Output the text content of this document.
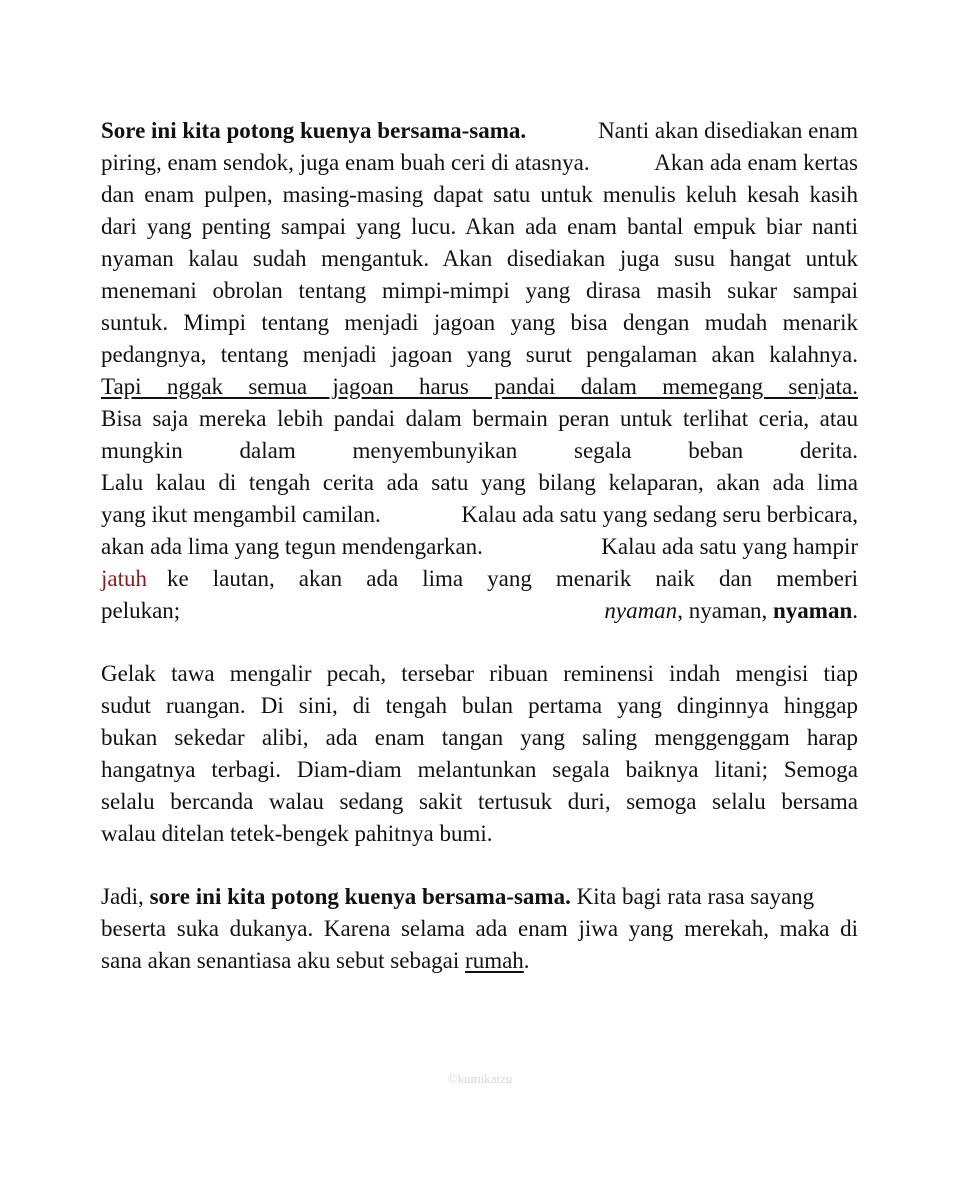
Sore ini kita potong kuenya bersama-sama.	Nanti akan disediakan enam
piring, enam sendok, juga enam buah ceri di atasnya.	Akan ada enam kertas
dan enam pulpen, masing-masing dapat satu untuk menulis keluh kesah kasih
dari yang penting sampai yang lucu. Akan ada enam bantal empuk biar nanti
nyaman kalau sudah mengantuk. Akan disediakan juga susu hangat untuk
menemani obrolan tentang mimpi-mimpi yang dirasa masih sukar sampai
suntuk. Mimpi tentang menjadi jagoan yang bisa dengan mudah menarik
pedangnya, tentang menjadi jagoan yang surut pengalaman akan kalahnya.
Tapi nggak semua jagoan harus pandai dalam memegang senjata.
Bisa saja mereka lebih pandai dalam bermain peran untuk terlihat ceria, atau
mungkin dalam menyembunyikan segala beban derita.
Lalu kalau di tengah cerita ada satu yang bilang kelaparan, akan ada lima
yang ikut mengambil camilan.	Kalau ada satu yang sedang seru berbicara,
akan ada lima yang tegun mendengarkan.	Kalau ada satu yang hampir
jatuh ke lautan, akan ada lima yang menarik naik dan memberi
pelukan;	nyaman, nyaman, nyaman.
Gelak tawa mengalir pecah, tersebar ribuan reminensi indah mengisi tiap
sudut ruangan. Di sini, di tengah bulan pertama yang dinginnya hinggap
bukan sekedar alibi, ada enam tangan yang saling menggenggam harap
hangatnya terbagi. Diam-diam melantunkan segala baiknya litani; Semoga
selalu bercanda walau sedang sakit tertusuk duri, semoga selalu bersama
walau ditelan tetek-bengek pahitnya bumi.
Jadi, sore ini kita potong kuenya bersama-sama. Kita bagi rata rasa sayang
beserta suka dukanya. Karena selama ada enam jiwa yang merekah, maka di
sana akan senantiasa aku sebut sebagai rumah.
©kumikatzu
